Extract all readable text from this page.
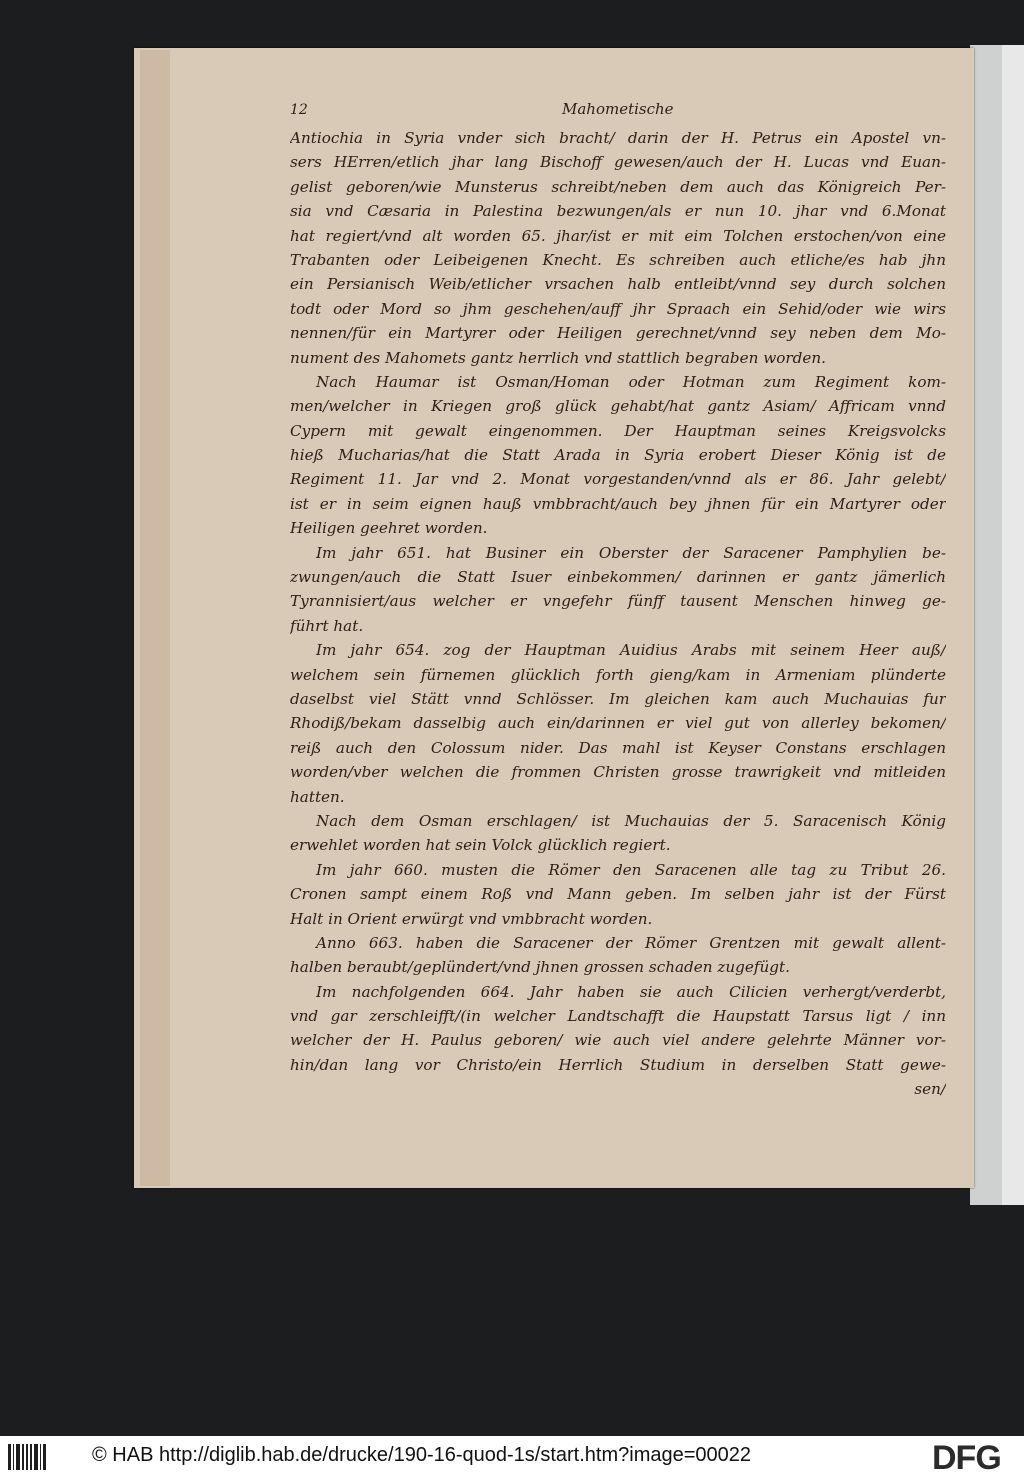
12	Mahometische
Antiochia in Syria vnder sich bracht/ darin der H. Petrus ein Apostel vn-
sers HErren/etlich jhar lang Bischoff gewesen/auch der H. Lucas vnd Euan-
gelist geboren/wie Munsterus schreibt/neben dem auch das Königreich Per-
sia vnd Cæsaria in Palestina bezwungen/als er nun 10. jhar vnd 6.Monat
hat regiert/vnd alt worden 65. jhar/ist er mit eim Tolchen erstochen/von eine
Trabanten oder Leibeigenen Knecht. Es schreiben auch etliche/es hab jhn
ein Persianisch Weib/etlicher vrsachen halb entleibt/vnnd sey durch solchen
todt oder Mord so jhm geschehen/auff jhr Spraach ein Sehid/oder wie wirs
nennen/für ein Martyrer oder Heiligen gerechnet/vnnd sey neben dem Mo-
nument des Mahomets gantz herrlich vnd stattlich begraben worden.
Nach Haumar ist Osman/Homan oder Hotman zum Regiment kom-
men/welcher in Kriegen groß glück gehabt/hat gantz Asiam/ Affricam vnnd
Cypern mit gewalt eingenommen. Der Hauptman seines Kreigsvolcks
hieß Mucharias/hat die Statt Arada in Syria erobert Dieser König ist de
Regiment 11. Jar vnd 2. Monat vorgestanden/vnnd als er 86. Jahr gelebt/
ist er in seim eignen hauß vmbbracht/auch bey jhnen für ein Martyrer oder
Heiligen geehret worden.
Im jahr 651. hat Businer ein Oberster der Saracener Pamphylien be-
zwungen/auch die Statt Isuer einbekommen/ darinnen er gantz jämerlich
Tyrannisiert/aus welcher er vngefehr fünff tausent Menschen hinweg ge-
führt hat.
Im jahr 654. zog der Hauptman Auidius Arabs mit seinem Heer auß/
welchem sein fürnemen glücklich forth gieng/kam in Armeniam plünderte
daselbst viel Stätt vnnd Schlösser. Im gleichen kam auch Muchauias fur
Rhodiß/bekam dasselbig auch ein/darinnen er viel gut von allerley bekomen/
reiß auch den Colossum nider. Das mahl ist Keyser Constans erschlagen
worden/vber welchen die frommen Christen grosse trawrigkeit vnd mitleiden
hatten.
Nach dem Osman erschlagen/ ist Muchauias der 5. Saracenisch König
erwehlet worden hat sein Volck glücklich regiert.
Im jahr 660. musten die Römer den Saracenen alle tag zu Tribut 26.
Cronen sampt einem Roß vnd Mann geben. Im selben jahr ist der Fürst
Halt in Orient erwürgt vnd vmbbracht worden.
Anno 663. haben die Saracener der Römer Grentzen mit gewalt allent-
halben beraubt/geplündert/vnd jhnen grossen schaden zugefügt.
Im nachfolgenden 664. Jahr haben sie auch Cilicien verhergt/verderbt,
vnd gar zerschleifft/(in welcher Landtschafft die Haupstatt Tarsus ligt / inn
welcher der H. Paulus geboren/ wie auch viel andere gelehrte Männer vor-
hin/dan lang vor Christo/ein Herrlich Studium in derselben Statt gewe-
sen/
© HAB http://diglib.hab.de/drucke/190-16-quod-1s/start.htm?image=00022	DFG
